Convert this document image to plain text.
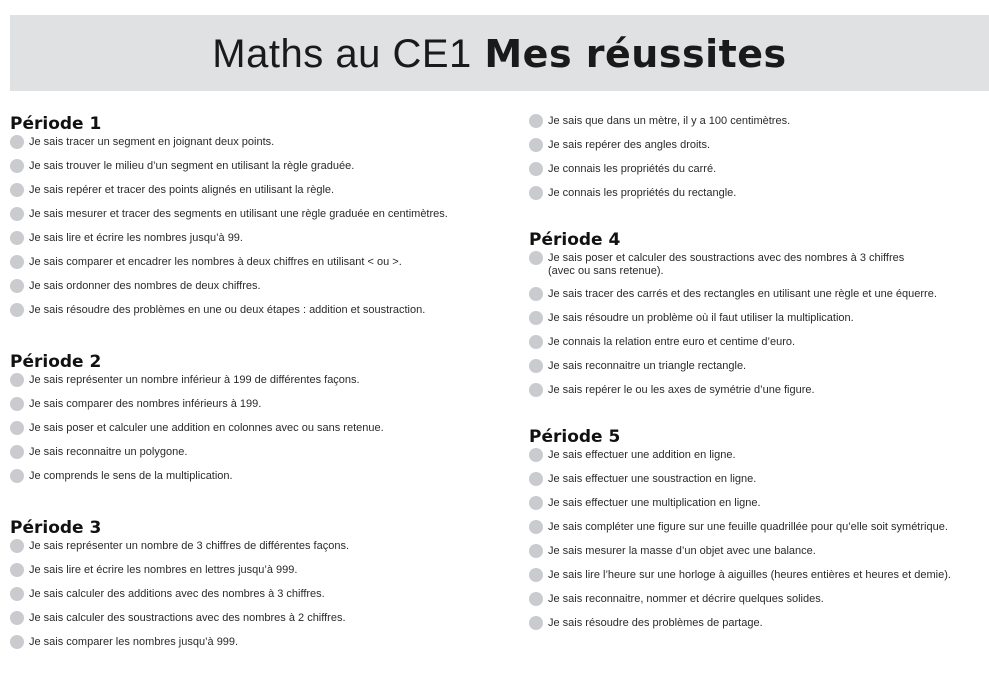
Maths au CE1 Mes réussites
Période 1
Je sais tracer un segment en joignant deux points.
Je sais trouver le milieu d’un segment en utilisant la règle graduée.
Je sais repérer et tracer des points alignés en utilisant la règle.
Je sais mesurer et tracer des segments en utilisant une règle graduée en centimètres.
Je sais lire et écrire les nombres jusqu’à 99.
Je sais comparer et encadrer les nombres à deux chiffres en utilisant < ou >.
Je sais ordonner des nombres de deux chiffres.
Je sais résoudre des problèmes en une ou deux étapes : addition et soustraction.
Période 2
Je sais représenter un nombre inférieur à 199 de différentes façons.
Je sais comparer des nombres inférieurs à 199.
Je sais poser et calculer une addition en colonnes avec ou sans retenue.
Je sais reconnaitre un polygone.
Je comprends le sens de la multiplication.
Période 3
Je sais représenter un nombre de 3 chiffres de différentes façons.
Je sais lire et écrire les nombres en lettres jusqu’à 999.
Je sais calculer des additions avec des nombres à 3 chiffres.
Je sais calculer des soustractions avec des nombres à 2 chiffres.
Je sais comparer les nombres jusqu’à 999.
Je sais que dans un mètre, il y a 100 centimètres.
Je sais repérer des angles droits.
Je connais les propriétés du carré.
Je connais les propriétés du rectangle.
Période 4
Je sais poser et calculer des soustractions avec des nombres à 3 chiffres (avec ou sans retenue).
Je sais tracer des carrés et des rectangles en utilisant une règle et une équerre.
Je sais résoudre un problème où il faut utiliser la multiplication.
Je connais la relation entre euro et centime d’euro.
Je sais reconnaitre un triangle rectangle.
Je sais repérer le ou les axes de symétrie d’une figure.
Période 5
Je sais effectuer une addition en ligne.
Je sais effectuer une soustraction en ligne.
Je sais effectuer une multiplication en ligne.
Je sais compléter une figure sur une feuille quadrillée pour qu’elle soit symétrique.
Je sais mesurer la masse d’un objet avec une balance.
Je sais lire l’heure sur une horloge à aiguilles (heures entières et heures et demie).
Je sais reconnaitre, nommer et décrire quelques solides.
Je sais résoudre des problèmes de partage.
